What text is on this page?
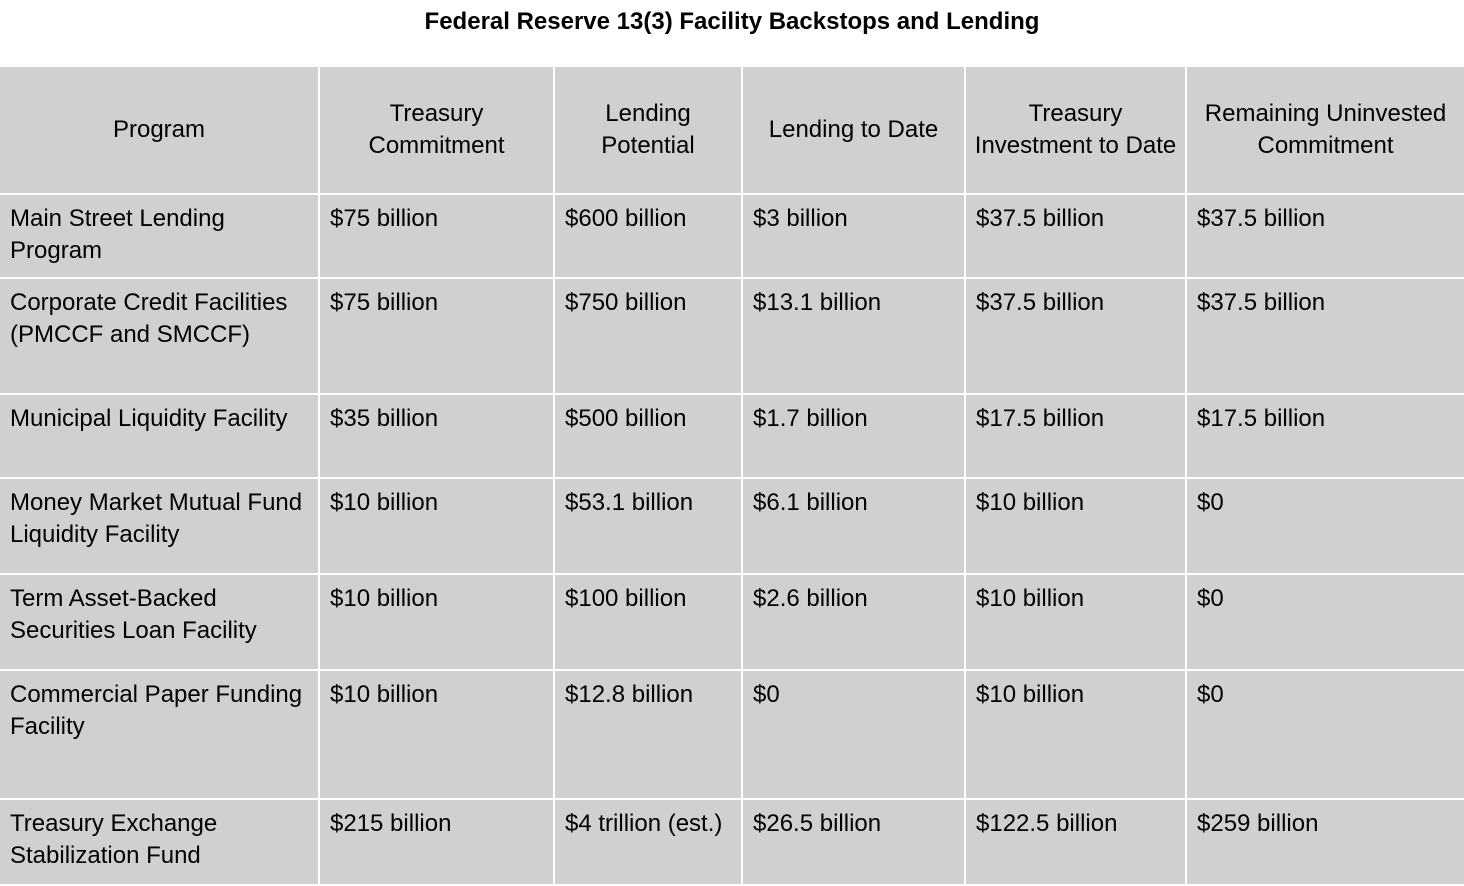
Federal Reserve 13(3) Facility Backstops and Lending
Program	Treasury Commitment	Lending Potential	Lending to Date	Treasury Investment to Date	Remaining Uninvested Commitment
Main Street Lending Program	$75 billion	$600 billion	$3 billion	$37.5 billion	$37.5 billion
Corporate Credit Facilities (PMCCF and SMCCF)	$75 billion	$750 billion	$13.1 billion	$37.5 billion	$37.5 billion
Municipal Liquidity Facility	$35 billion	$500 billion	$1.7 billion	$17.5 billion	$17.5 billion
Money Market Mutual Fund Liquidity Facility	$10 billion	$53.1 billion	$6.1 billion	$10 billion	$0
Term Asset-Backed Securities Loan Facility	$10 billion	$100 billion	$2.6 billion	$10 billion	$0
Commercial Paper Funding Facility	$10 billion	$12.8 billion	$0	$10 billion	$0
Treasury Exchange Stabilization Fund	$215 billion	$4 trillion (est.)	$26.5 billion	$122.5 billion	$259 billion
